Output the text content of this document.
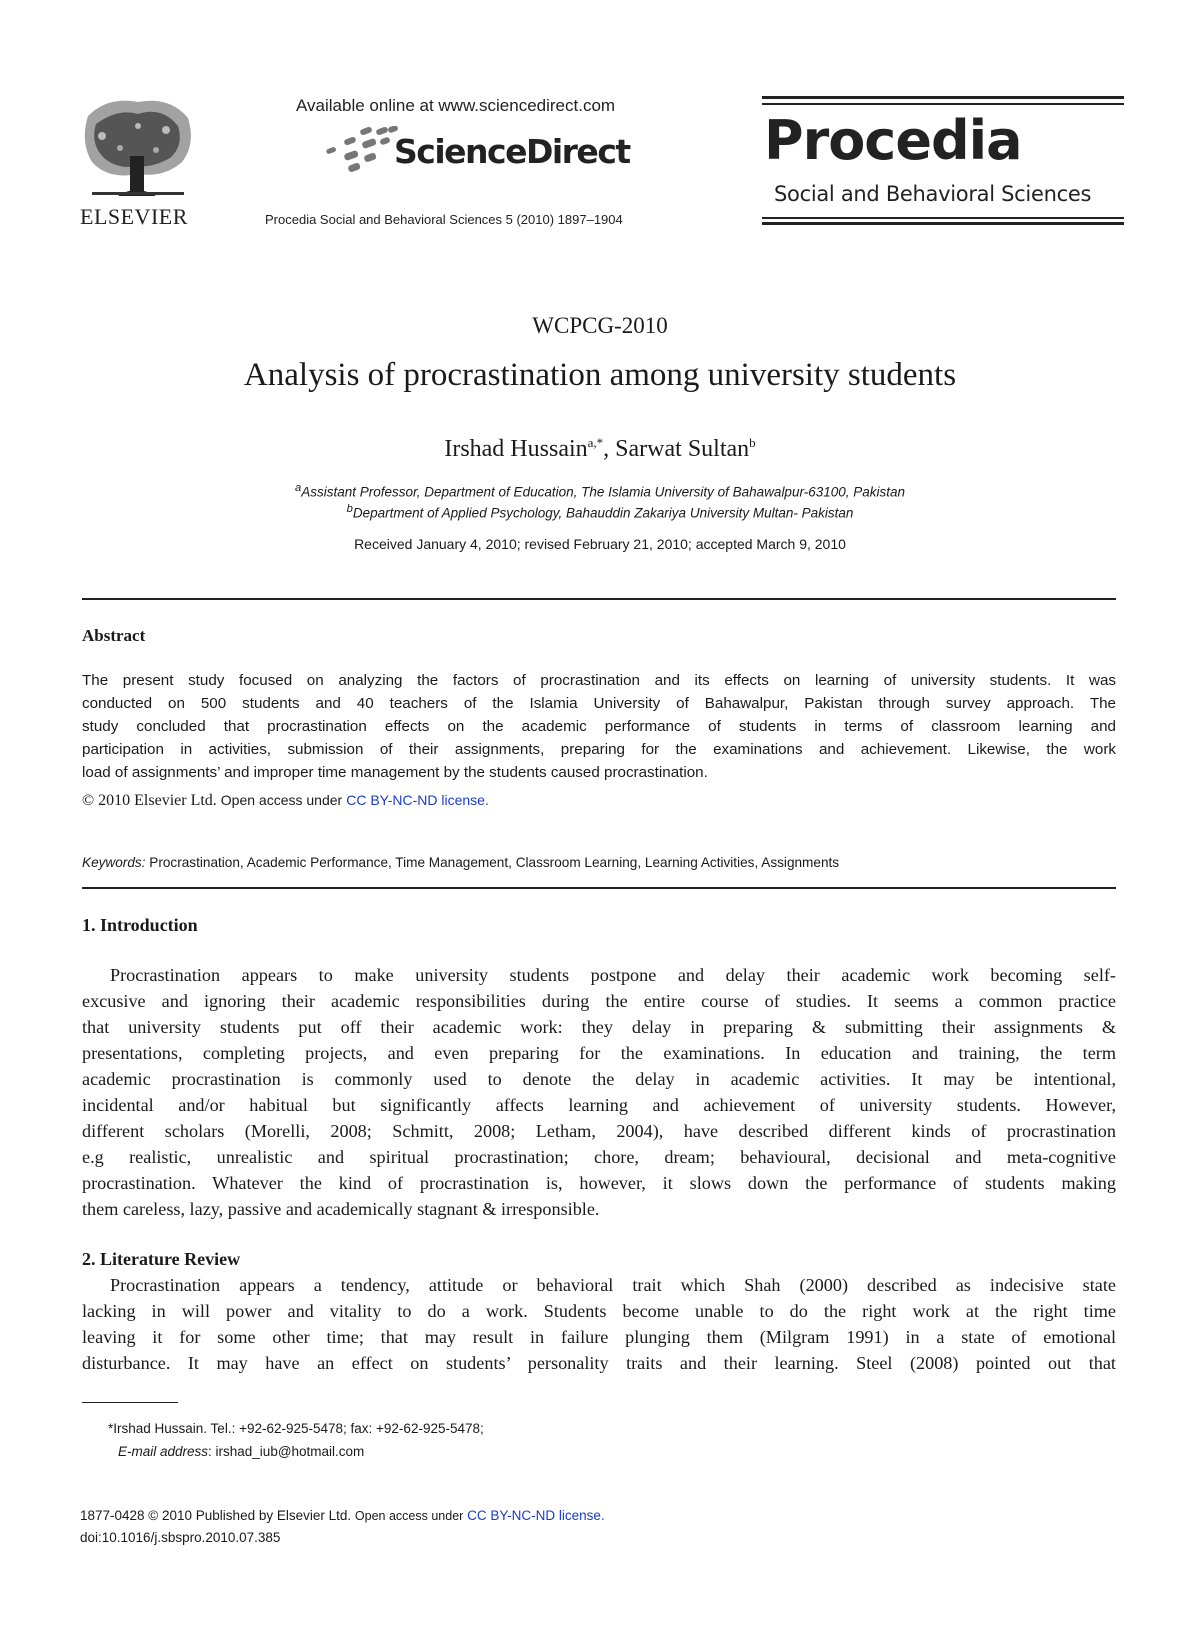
ELSEVIER
Available online at www.sciencedirect.com
ScienceDirect
Procedia Social and Behavioral Sciences 5 (2010) 1897–1904
Procedia
Social and Behavioral Sciences
WCPCG-2010
Analysis of procrastination among university students
Irshad Hussain$^{a,*}$, Sarwat Sultan$^b$
$^a$Assistant Professor, Department of Education, The Islamia University of Bahawalpur-63100, Pakistan
$^b$Department of Applied Psychology, Bahauddin Zakariya University Multan- Pakistan
Received January 4, 2010; revised February 21, 2010; accepted March 9, 2010
Abstract
The present study focused on analyzing the factors of procrastination and its effects on learning of university students. It was
conducted on 500 students and 40 teachers of the Islamia University of Bahawalpur, Pakistan through survey approach. The
study concluded that procrastination effects on the academic performance of students in terms of classroom learning and
participation in activities, submission of their assignments, preparing for the examinations and achievement. Likewise, the work
load of assignments’ and improper time management by the students caused procrastination.
© 2010 Elsevier Ltd. Open access under CC BY-NC-ND license.
Keywords: Procrastination, Academic Performance, Time Management, Classroom Learning, Learning Activities, Assignments
1. Introduction
Procrastination appears to make university students postpone and delay their academic work becoming self-
excusive and ignoring their academic responsibilities during the entire course of studies. It seems a common practice
that university students put off their academic work: they delay in preparing & submitting their assignments &
presentations, completing projects, and even preparing for the examinations. In education and training, the term
academic procrastination is commonly used to denote the delay in academic activities. It may be intentional,
incidental and/or habitual but significantly affects learning and achievement of university students. However,
different scholars (Morelli, 2008; Schmitt, 2008; Letham, 2004), have described different kinds of procrastination
e.g realistic, unrealistic and spiritual procrastination; chore, dream; behavioural, decisional and meta-cognitive
procrastination. Whatever the kind of procrastination is, however, it slows down the performance of students making
them careless, lazy, passive and academically stagnant & irresponsible.
2. Literature Review
Procrastination appears a tendency, attitude or behavioral trait which Shah (2000) described as indecisive state
lacking in will power and vitality to do a work. Students become unable to do the right work at the right time
leaving it for some other time; that may result in failure plunging them (Milgram 1991) in a state of emotional
disturbance. It may have an effect on students’ personality traits and their learning. Steel (2008) pointed out that
*Irshad Hussain. Tel.: +92-62-925-5478; fax: +92-62-925-5478;
E-mail address: irshad_iub@hotmail.com
1877-0428 © 2010 Published by Elsevier Ltd. Open access under CC BY-NC-ND license.
doi:10.1016/j.sbspro.2010.07.385
